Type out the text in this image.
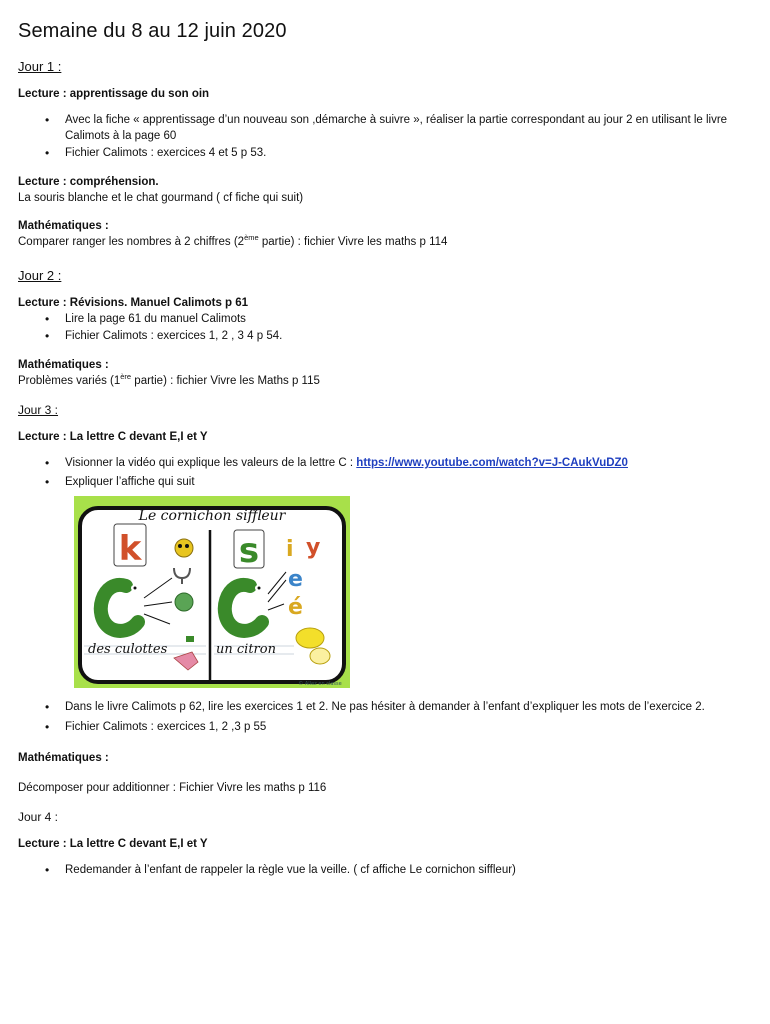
Semaine du 8 au 12 juin 2020
Jour 1 :
Lecture : apprentissage du son oin
• Avec la fiche « apprentissage d’un nouveau son ,démarche à suivre », réaliser la partie correspondant au jour 2 en utilisant le livre Calimots à la page 60
• Fichier Calimots : exercices 4 et 5 p 53.
Lecture : compréhension.

La souris blanche et le chat gourmand ( cf fiche qui suit)

Mathématiques :

Comparer ranger les nombres à 2 chiffres (2ème partie) : fichier Vivre les maths p 114

Jour 2 :
Lecture : Révisions. Manuel Calimots p 61
• Lire la page 61 du manuel Calimots
• Fichier Calimots : exercices 1, 2 , 3 4 p 54.
Mathématiques :

Problèmes variés (1ère partie) : fichier Vivre les Maths p 115

Jour 3 :
Lecture : La lettre C devant E,I et Y
• Visionner la vidéo qui explique les valeurs de la lettre C : https://www.youtube.com/watch?v=J-CAukVuDZ0
• Expliquer l’affiche qui suit
Le cornichon siffleur
k
des culottes
s i y
e
é
un citron
© Allez en classe
• Dans le livre Calimots p 62, lire les exercices 1 et 2. Ne pas hésiter à demander à l’enfant d’expliquer les mots de l’exercice 2.
• Fichier Calimots : exercices 1, 2 ,3 p 55
Mathématiques :

Décomposer pour additionner : Fichier Vivre les maths p 116

Jour 4 :
Lecture : La lettre C devant E,I et Y
• Redemander à l’enfant de rappeler la règle vue la veille. ( cf affiche Le cornichon siffleur)
